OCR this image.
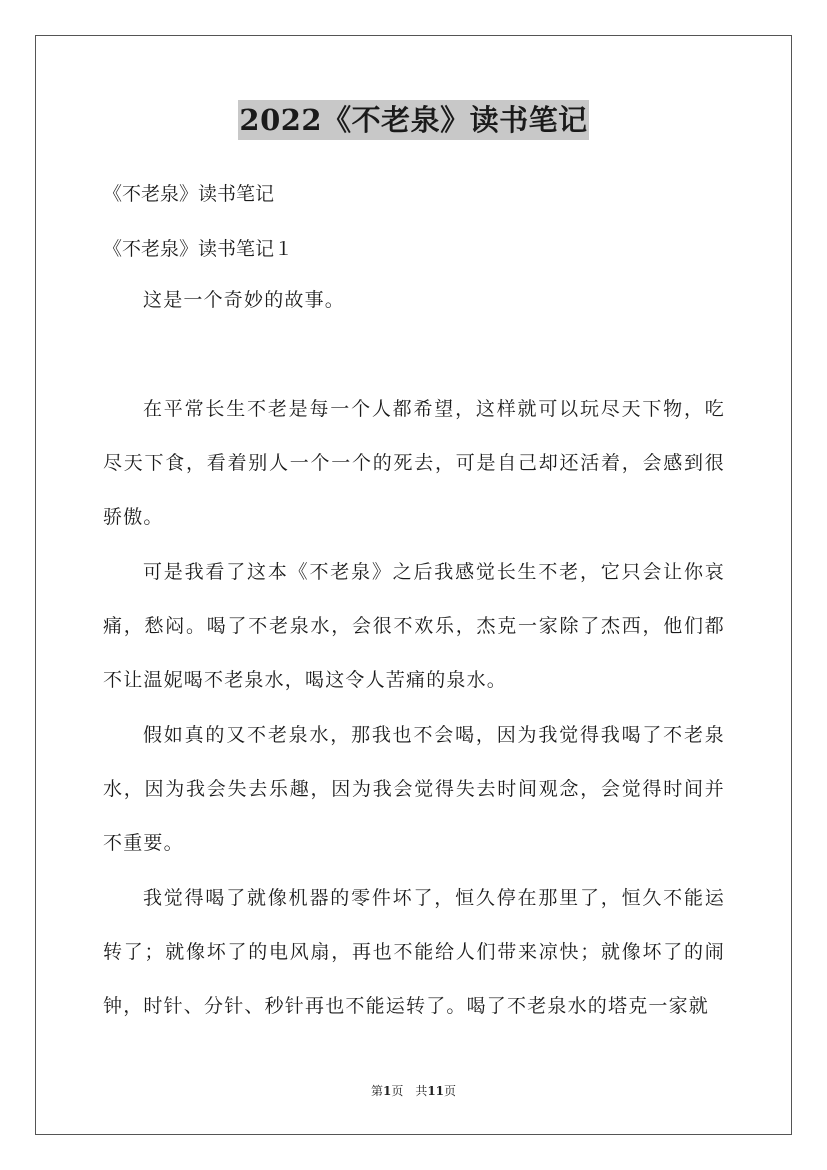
2022《不老泉》读书笔记
《不老泉》读书笔记
《不老泉》读书笔记１

这是一个奇妙的故事。

在平常长生不老是每一个人都希望，这样就可以玩尽天下物，吃尽天下食，看着别人一个一个的死去，可是自己却还活着，会感到很骄傲。

可是我看了这本《不老泉》之后我感觉长生不老，它只会让你哀痛，愁闷。喝了不老泉水，会很不欢乐，杰克一家除了杰西，他们都不让温妮喝不老泉水，喝这令人苦痛的泉水。

假如真的又不老泉水，那我也不会喝，因为我觉得我喝了不老泉水，因为我会失去乐趣，因为我会觉得失去时间观念，会觉得时间并不重要。

我觉得喝了就像机器的零件坏了，恒久停在那里了，恒久不能运转了；就像坏了的电风扇，再也不能给人们带来凉快；就像坏了的闹钟，时针、分针、秒针再也不能运转了。喝了不老泉水的塔克一家就

第1页　共11页
